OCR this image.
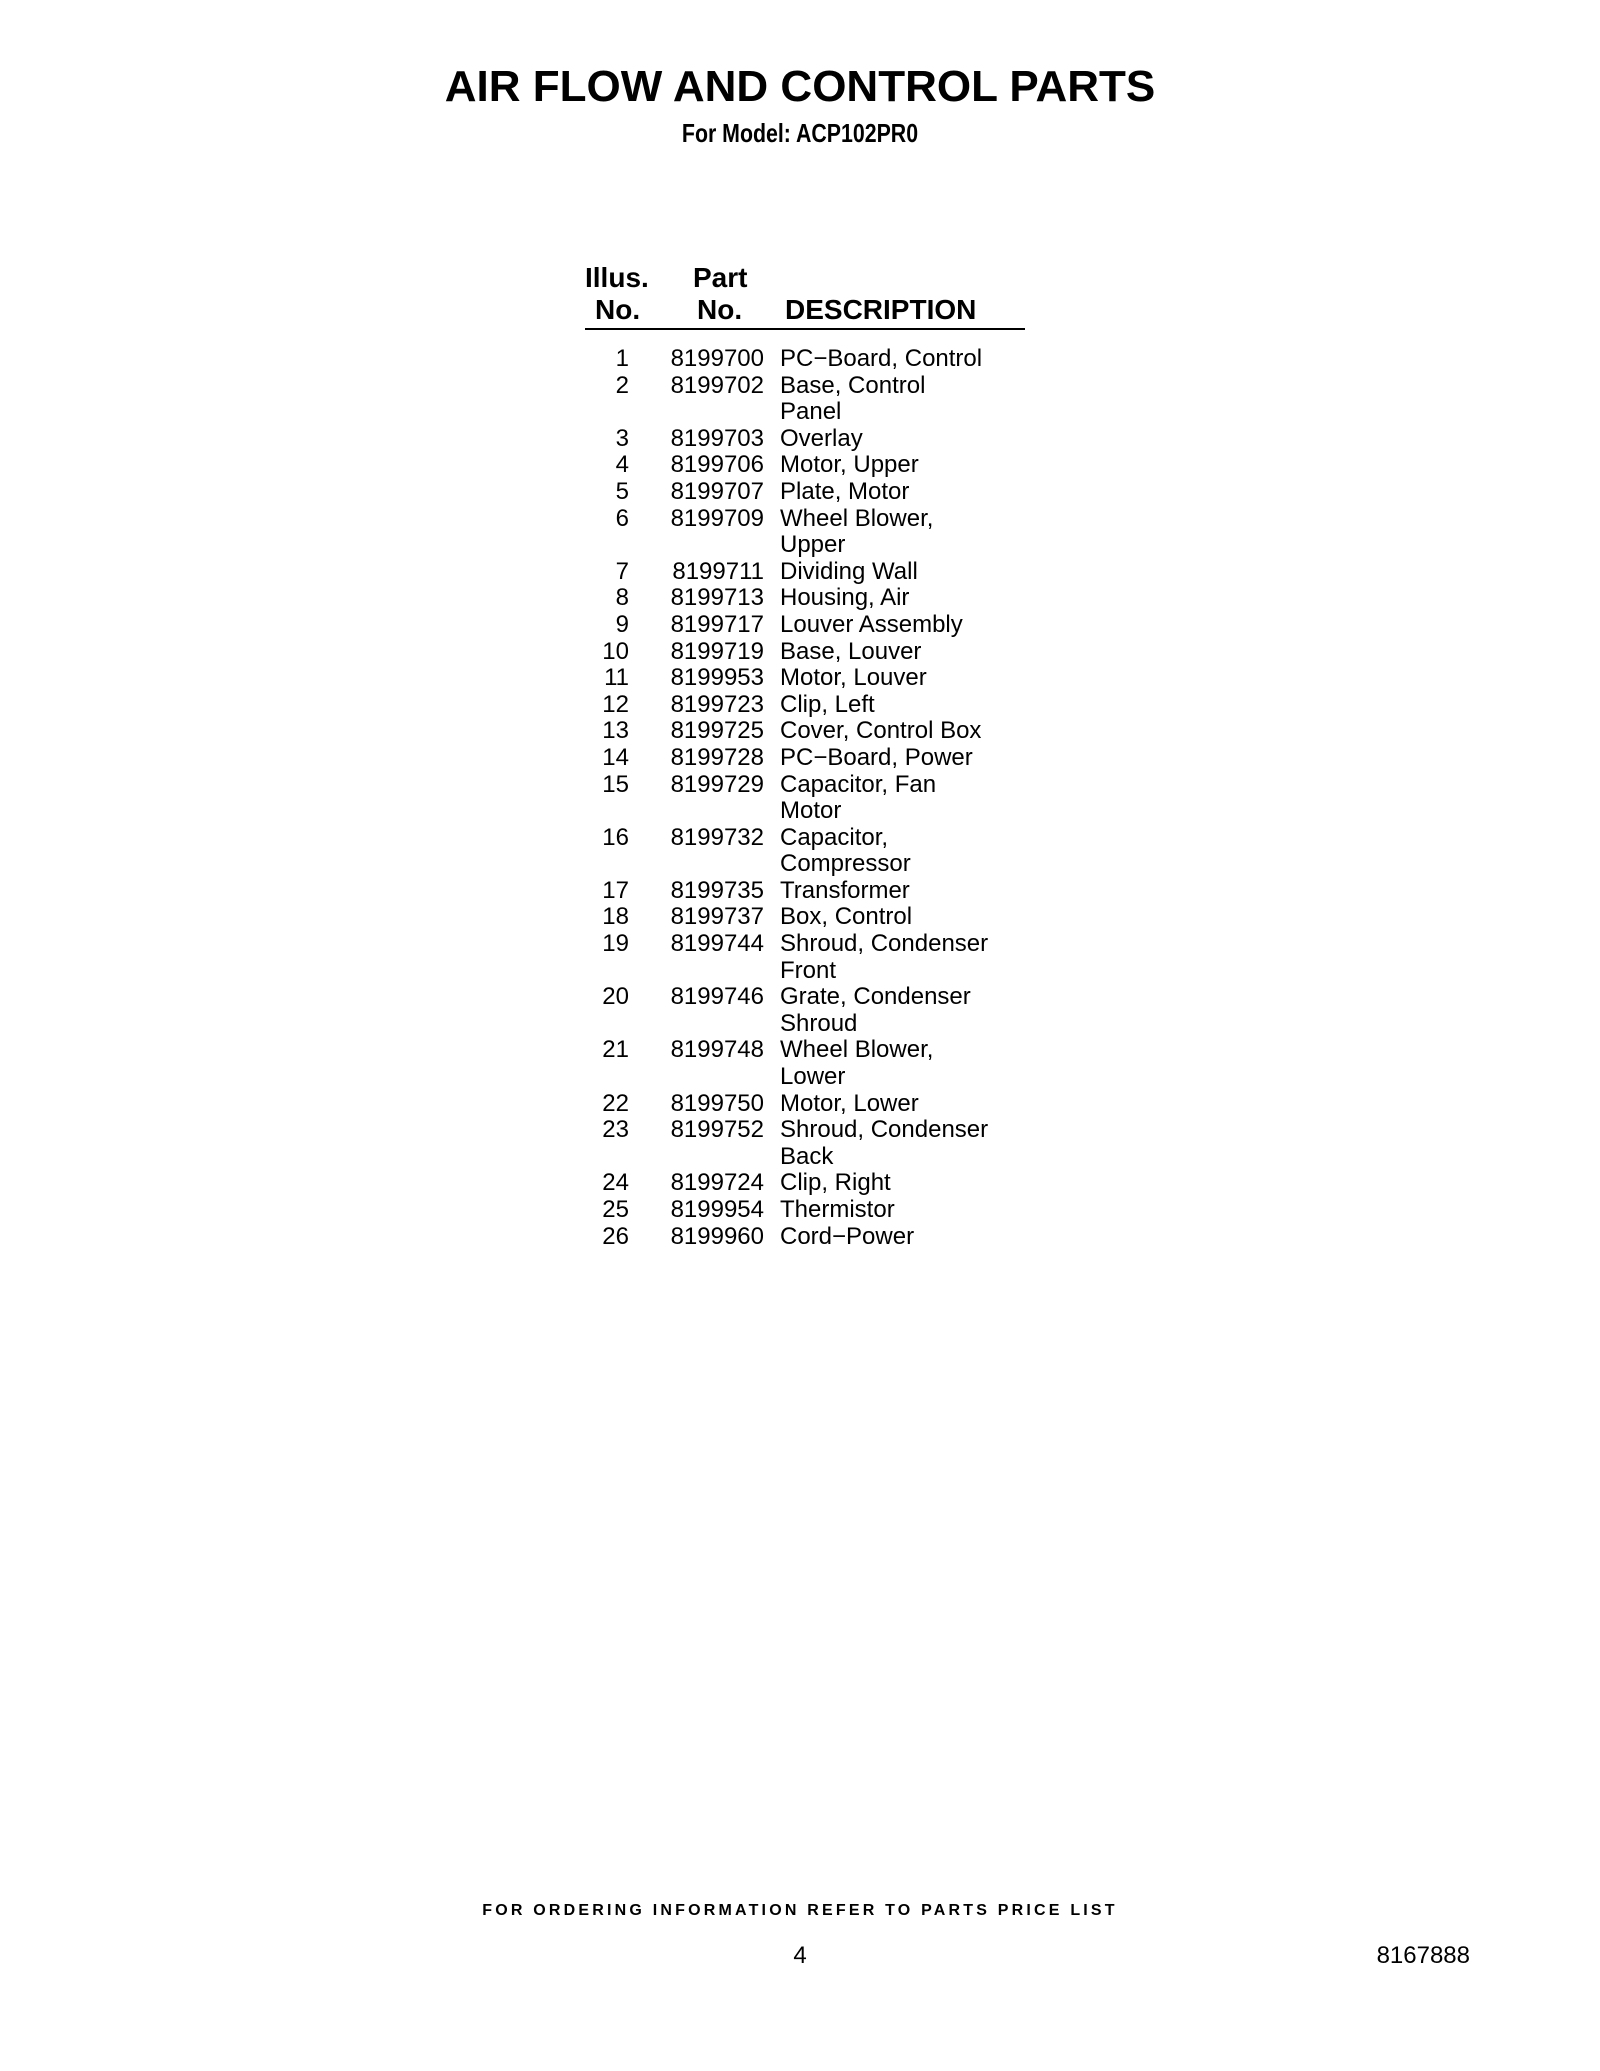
AIR FLOW AND CONTROL PARTS
For Model: ACP102PR0
Illus.
No.
Part
No. DESCRIPTION
1	8199700 PC−Board, Control
2	8199702 Base, Control
Panel
3	8199703 Overlay
4	8199706 Motor, Upper
5	8199707 Plate, Motor
6	8199709 Wheel Blower,
Upper
7	8199711 Dividing Wall
8	8199713 Housing, Air
9	8199717 Louver Assembly
10	8199719 Base, Louver
11	8199953 Motor, Louver
12	8199723 Clip, Left
13	8199725 Cover, Control Box
14	8199728 PC−Board, Power
15	8199729 Capacitor, Fan
Motor
16	8199732 Capacitor,
Compressor
17	8199735 Transformer
18	8199737 Box, Control
19	8199744 Shroud, Condenser
Front
20	8199746 Grate, Condenser
Shroud
21	8199748 Wheel Blower,
Lower
22	8199750 Motor, Lower
23	8199752 Shroud, Condenser
Back
24	8199724 Clip, Right
25	8199954 Thermistor
26	8199960 Cord−Power
FOR ORDERING INFORMATION REFER TO PARTS PRICE LIST
4	8167888
